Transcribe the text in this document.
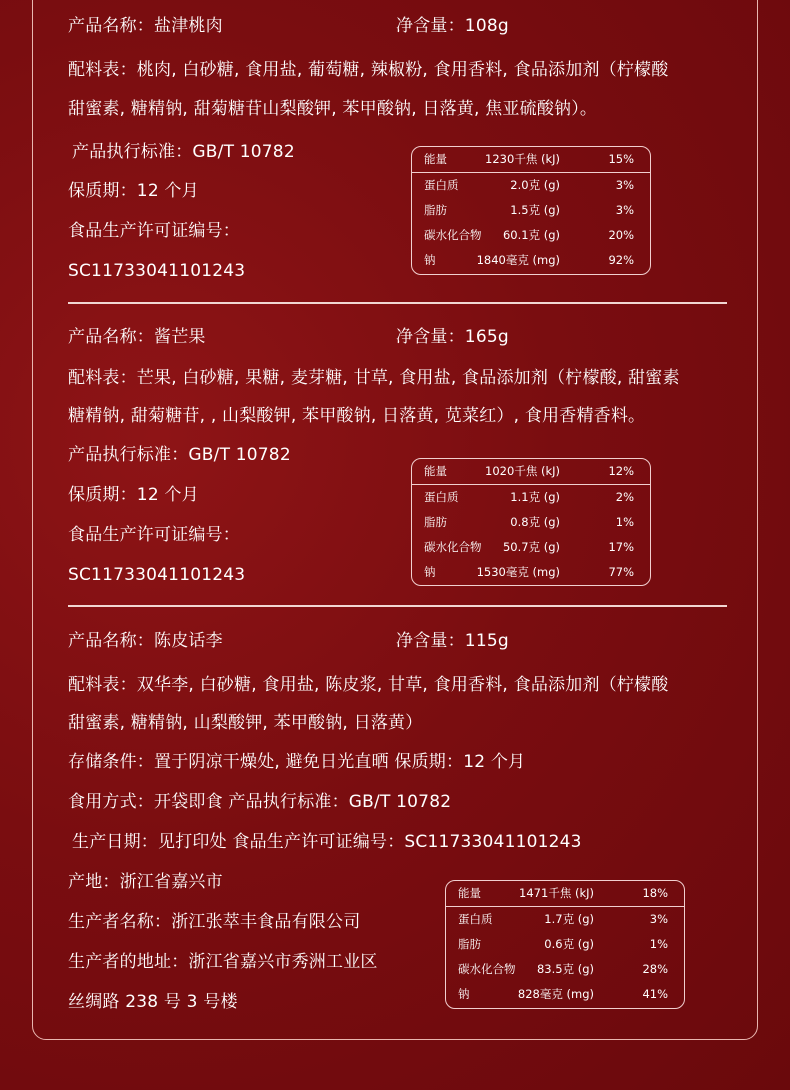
产品名称：盐津桃肉	净含量：108g
配料表：桃肉, 白砂糖, 食用盐, 葡萄糖, 辣椒粉, 食用香料, 食品添加剂（柠檬酸
甜蜜素, 糖精钠, 甜菊糖苷山梨酸钾, 苯甲酸钠, 日落黄, 焦亚硫酸钠）。
产品执行标准：GB/T 10782
保质期：12 个月
食品生产许可证编号：
SC11733041101243
能量	1230千焦 (kJ)	15%
蛋白质	2.0克 (g)	3%
脂肪	1.5克 (g)	3%
碳水化合物 60.1克 (g)	20%
钠	1840毫克 (mg)	92%
产品名称：酱芒果	净含量：165g
配料表：芒果, 白砂糖, 果糖, 麦芽糖, 甘草, 食用盐, 食品添加剂（柠檬酸, 甜蜜素
糖精钠, 甜菊糖苷, , 山梨酸钾, 苯甲酸钠, 日落黄, 苋菜红）, 食用香精香料。
产品执行标准：GB/T 10782
保质期：12 个月
食品生产许可证编号：
SC11733041101243
能量	1020千焦 (kJ)	12%
蛋白质	1.1克 (g)	2%
脂肪	0.8克 (g)	1%
碳水化合物 50.7克 (g)	17%
钠	1530毫克 (mg)	77%
产品名称：陈皮话李	净含量：115g
配料表：双华李, 白砂糖, 食用盐, 陈皮浆, 甘草, 食用香料, 食品添加剂（柠檬酸
甜蜜素, 糖精钠, 山梨酸钾, 苯甲酸钠, 日落黄）
存储条件：置于阴凉干燥处, 避免日光直晒 保质期：12 个月
食用方式：开袋即食 产品执行标准：GB/T 10782
生产日期：见打印处 食品生产许可证编号：SC11733041101243
产地：浙江省嘉兴市
生产者名称：浙江张萃丰食品有限公司
生产者的地址：浙江省嘉兴市秀洲工业区
丝绸路 238 号 3 号楼
能量	1471千焦 (kJ)	18%
蛋白质	1.7克 (g)	3%
脂肪	0.6克 (g)	1%
碳水化合物 83.5克 (g)	28%
钠	828毫克 (mg)	41%
